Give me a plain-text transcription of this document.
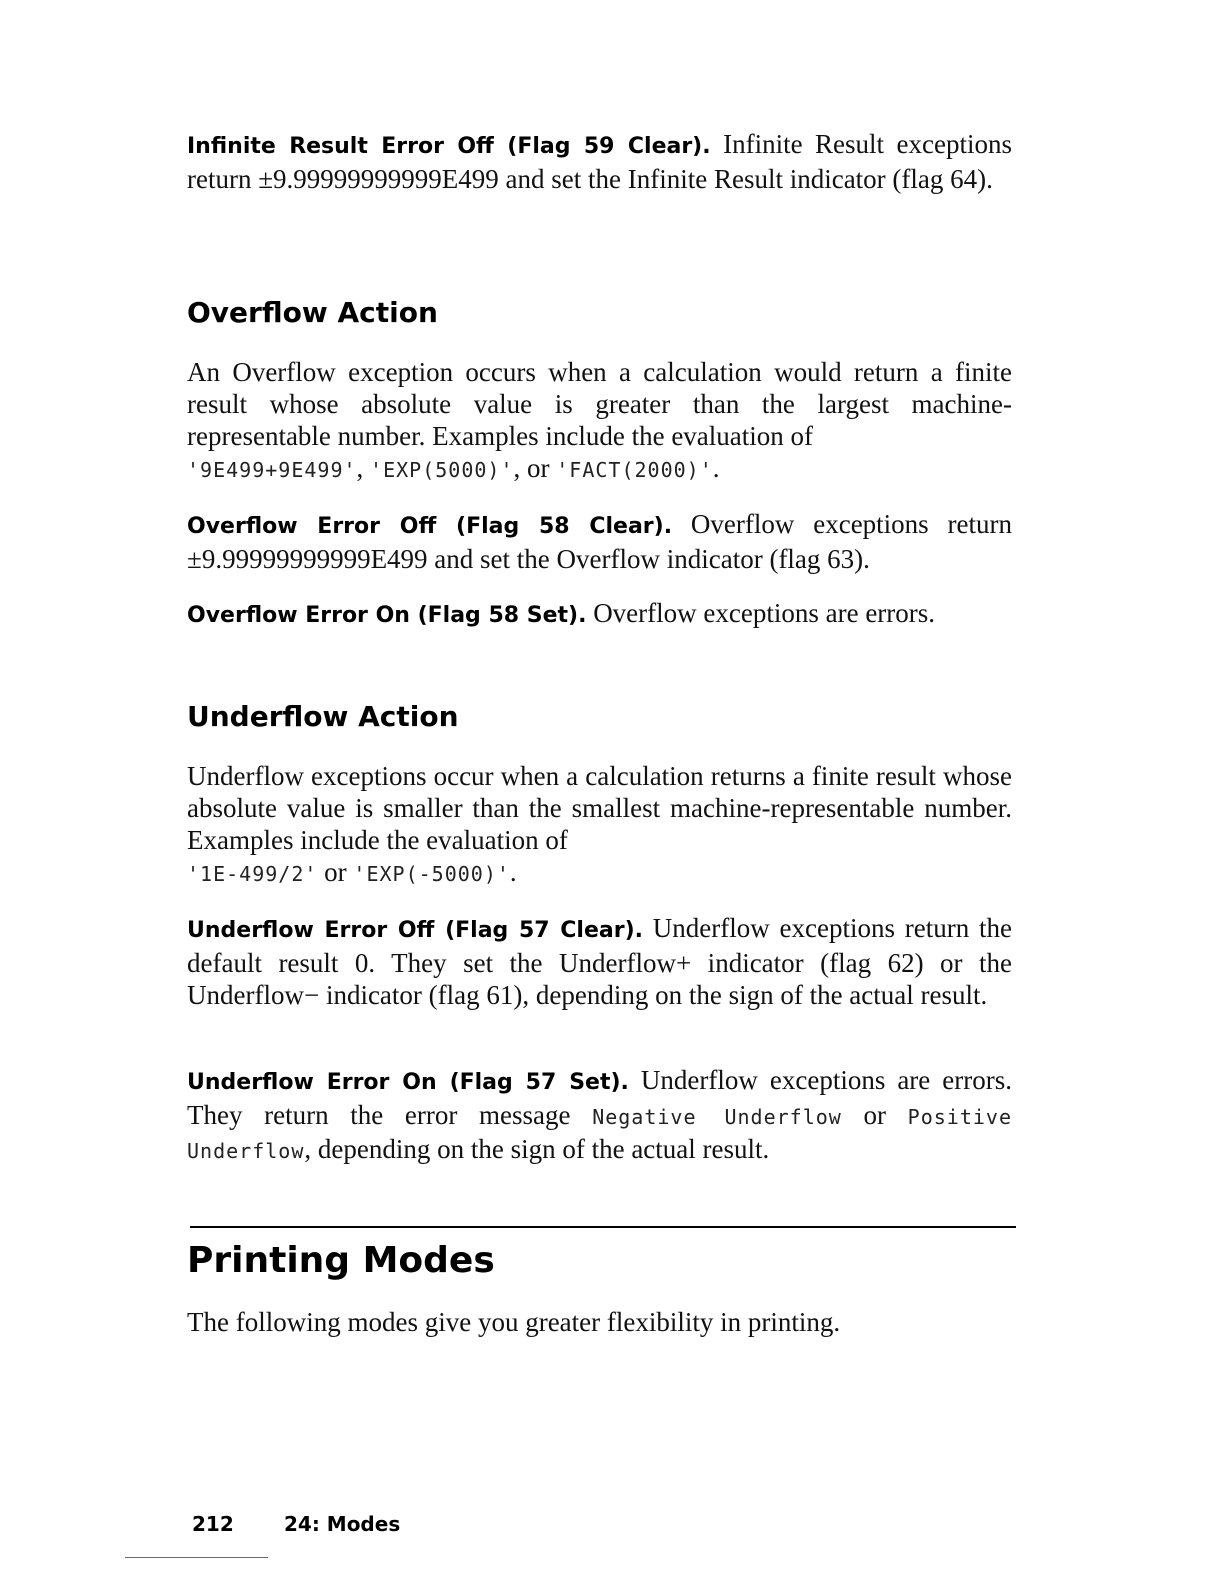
Infinite Result Error Off (Flag 59 Clear). Infinite Result exceptions return ±9.99999999999E499 and set the Infinite Result indicator (flag 64).

Overflow Action

An Overflow exception occurs when a calculation would return a finite result whose absolute value is greater than the largest machine-representable number. Examples include the evaluation of
'9E499+9E499', 'EXP(5000)', or 'FACT(2000)'.

Overflow Error Off (Flag 58 Clear). Overflow exceptions return ±9.99999999999E499 and set the Overflow indicator (flag 63).

Overflow Error On (Flag 58 Set). Overflow exceptions are errors.

Underflow Action

Underflow exceptions occur when a calculation returns a finite result whose absolute value is smaller than the smallest machine-representable number. Examples include the evaluation of
'1E-499/2' or 'EXP(-5000)'.

Underflow Error Off (Flag 57 Clear). Underflow exceptions return the default result 0. They set the Underflow+ indicator (flag 62) or the Underflow− indicator (flag 61), depending on the sign of the actual result.

Underflow Error On (Flag 57 Set). Underflow exceptions are errors. They return the error message Negative Underflow or Positive Underflow, depending on the sign of the actual result.

Printing Modes

The following modes give you greater flexibility in printing.

212	24: Modes
